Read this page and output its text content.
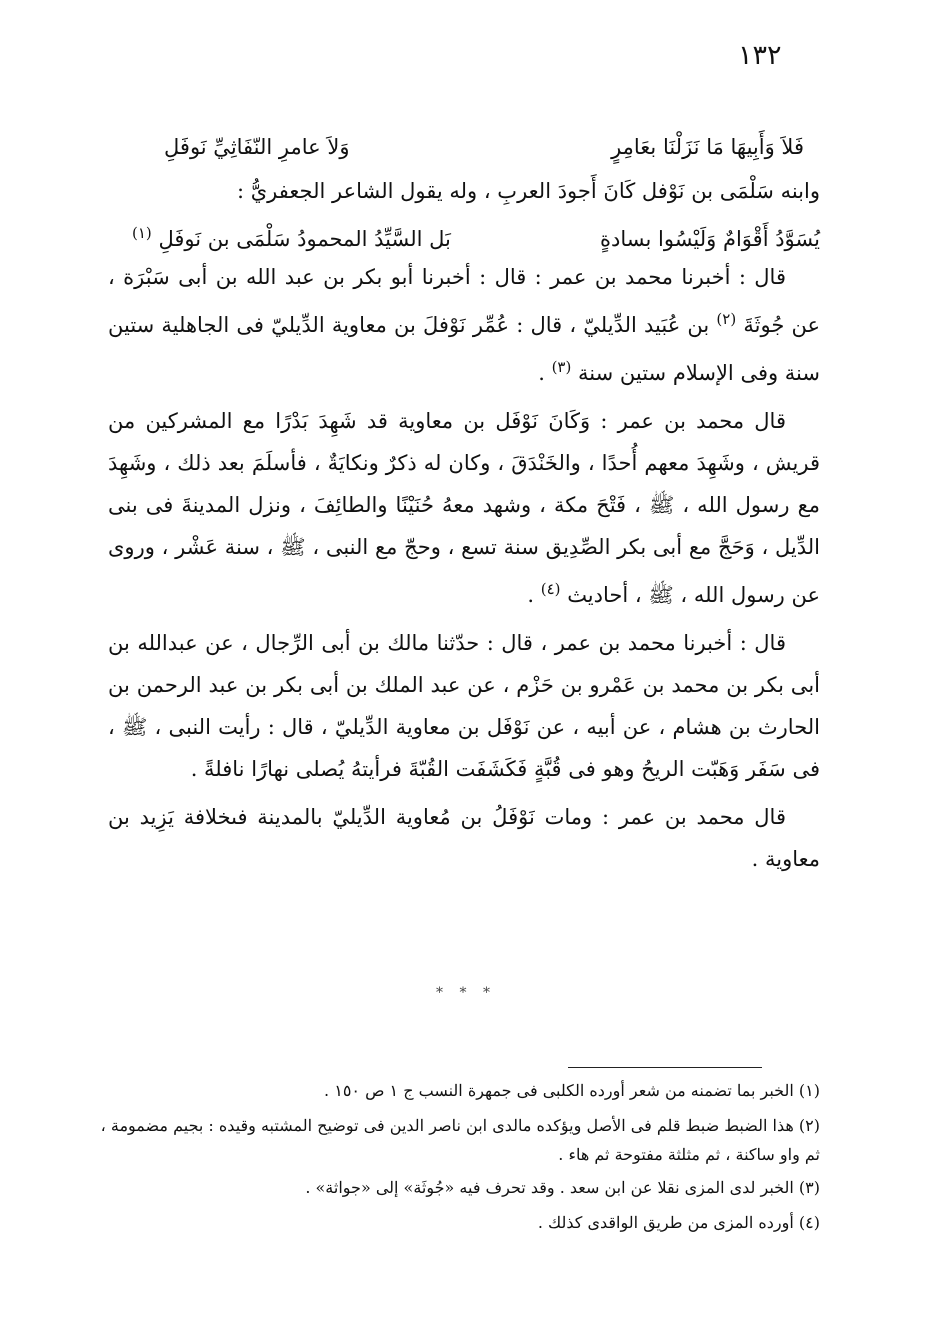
١٣٢
فَلاَ وَأَبِيهَا مَا نَزَلْنَا بعَامِرٍ
وَلاَ عامرِ النّفَاثِيِّ نَوفَلِ

وابنه سَلْمَى بن نَوْفل كَانَ أَجودَ العربِ ، وله يقول الشاعر الجعفريُّ :

يُسَوَّدُ أَقْوَامٌ وَلَيْسُوا بسادةٍ
بَل السَّيِّدُ المحمودُ سَلْمَى بن نَوفَلِ $^{(١)}$

قال : أخبرنا محمد بن عمر : قال : أخبرنا أبو بكر بن عبد الله بن أبى سَبْرَة ، عن جُوثَةَ $^{(٢)}$ بن عُبَيد الدِّيليّ ، قال : عُمِّر نَوْفلَ بن معاوية الدِّيليّ فى الجاهلية ستين سنة وفى الإسلام ستين سنة $^{(٣)}$ .

قال محمد بن عمر : وَكَانَ نَوْفَل بن معاوية قد شَهِدَ بَدْرًا مع المشركين من قريش ، وشَهِدَ معهم أُحدًا ، والخَنْدَقَ ، وكان له ذكرٌ ونكايَةٌ ، فأسلَمَ بعد ذلك ، وشَهِدَ مع رسول الله ، ﷺ ، فَتْحَ مكة ، وشهد معهُ حُنَيْنًا والطائِفَ ، ونزل المدينةَ فى بنى الدِّيل ، وَحَجَّ مع أبى بكر الصِّدِيق سنة تسع ، وحجّ مع النبى ، ﷺ ، سنة عَشْر ، وروى عن رسول الله ، ﷺ ، أحاديث $^{(٤)}$ .

قال : أخبرنا محمد بن عمر ، قال : حدّثنا مالك بن أبى الرِّجال ، عن عبدالله بن أبى بكر بن محمد بن عَمْرو بن حَزْم ، عن عبد الملك بن أبى بكر بن عبد الرحمن بن الحارث بن هشام ، عن أبيه ، عن نَوْفَل بن معاوية الدِّيليّ ، قال : رأيت النبى ، ﷺ ، فى سَفَر وَهَبّت الريحُ وهو فى قُبَّةٍ فَكَشَفَت القُبّةَ فرأيتهُ يُصلى نهارًا نافلةً .

قال محمد بن عمر : ومات نَوْفَلُ بن مُعاوية الدِّيليّ بالمدينة فىخلافة يَزِيد بن معاوية .

* * *

(١) الخبر بما تضمنه من شعر أورده الكلبى فى جمهرة النسب ج ١ ص ١٥٠ .

(٢) هذا الضبط ضبط قلم فى الأصل ويؤكده مالدى ابن ناصر الدين فى توضيح المشتبه وقيده : بجيم مضمومة ، ثم واو ساكنة ، ثم مثلثة مفتوحة ثم هاء .

(٣) الخبر لدى المزى نقلا عن ابن سعد . وقد تحرف فيه «جُوثَة» إلى «جواثة» .

(٤) أورده المزى من طريق الواقدى كذلك .
